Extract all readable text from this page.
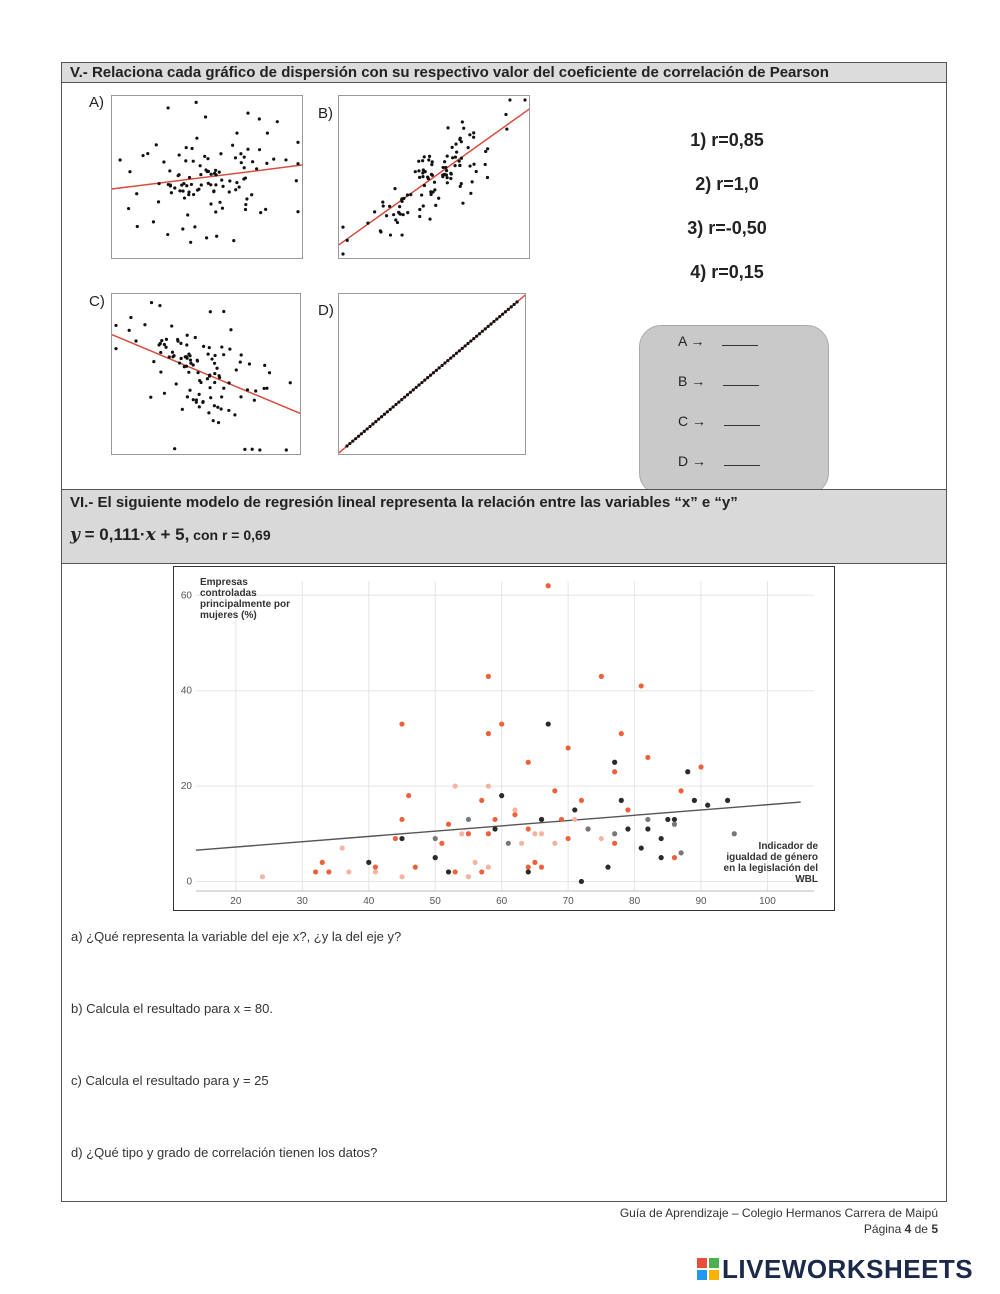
V.- Relaciona cada gráfico de dispersión con su respectivo valor del coeficiente de correlación de Pearson
A)
B)
C)
D)
1) r=0,85
2) r=1,0
3) r=-0,50
4) r=0,15
A →
B →
C →
D →
VI.- El siguiente modelo de regresión lineal representa la relación entre las variables “x” e “y”
y = 0,111·x + 5, con r = 0,69
20	30	40	50	60	70	80	90	100
0
20
40
60
Empresas
controladas
principalmente por
mujeres (%)
Indicador de
igualdad de género
en la legislación del
WBL
a) ¿Qué representa la variable del eje x?, ¿y la del eje y?
b) Calcula el resultado para x = 80.
c) Calcula el resultado para y = 25
d) ¿Qué tipo y grado de correlación tienen los datos?
Guía de Aprendizaje – Colegio Hermanos Carrera de Maipú
Página 4 de 5
LIVEWORKSHEETS
